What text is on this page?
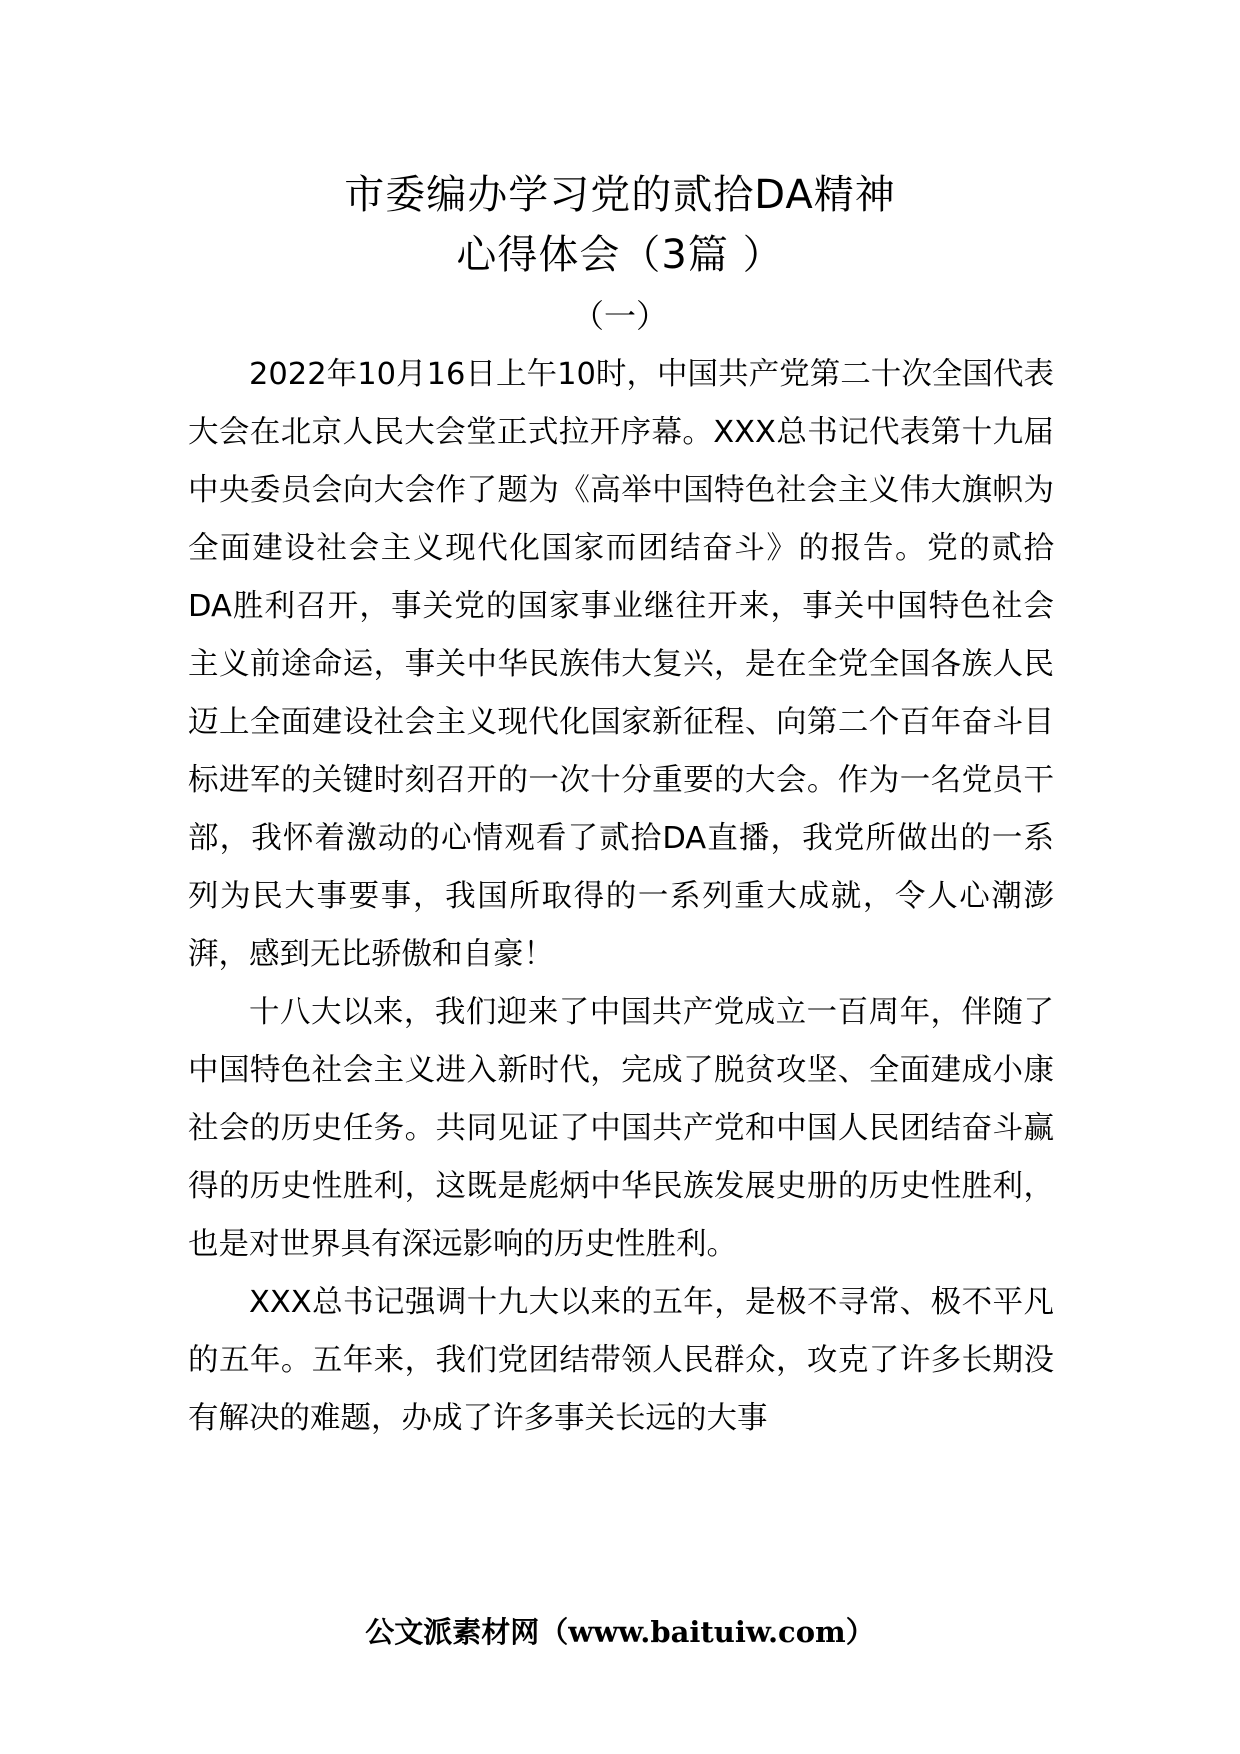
市委编办学习党的贰拾DA精神
心得体会（3篇 ）
（一）

2022年10月16日上午10时，中国共产党第二十次全国代表大会在北京人民大会堂正式拉开序幕。XXX总书记代表第十九届中央委员会向大会作了题为《高举中国特色社会主义伟大旗帜为全面建设社会主义现代化国家而团结奋斗》的报告。党的贰拾DA胜利召开，事关党的国家事业继往开来，事关中国特色社会主义前途命运，事关中华民族伟大复兴，是在全党全国各族人民迈上全面建设社会主义现代化国家新征程、向第二个百年奋斗目标进军的关键时刻召开的一次十分重要的大会。作为一名党员干部，我怀着激动的心情观看了贰拾DA直播，我党所做出的一系列为民大事要事，我国所取得的一系列重大成就，令人心潮澎湃，感到无比骄傲和自豪！

十八大以来，我们迎来了中国共产党成立一百周年，伴随了中国特色社会主义进入新时代，完成了脱贫攻坚、全面建成小康社会的历史任务。共同见证了中国共产党和中国人民团结奋斗赢得的历史性胜利，这既是彪炳中华民族发展史册的历史性胜利，也是对世界具有深远影响的历史性胜利。

XXX总书记强调十九大以来的五年，是极不寻常、极不平凡的五年。五年来，我们党团结带领人民群众，攻克了许多长期没有解决的难题，办成了许多事关长远的大事

公文派素材网（www.baituiw.com）
